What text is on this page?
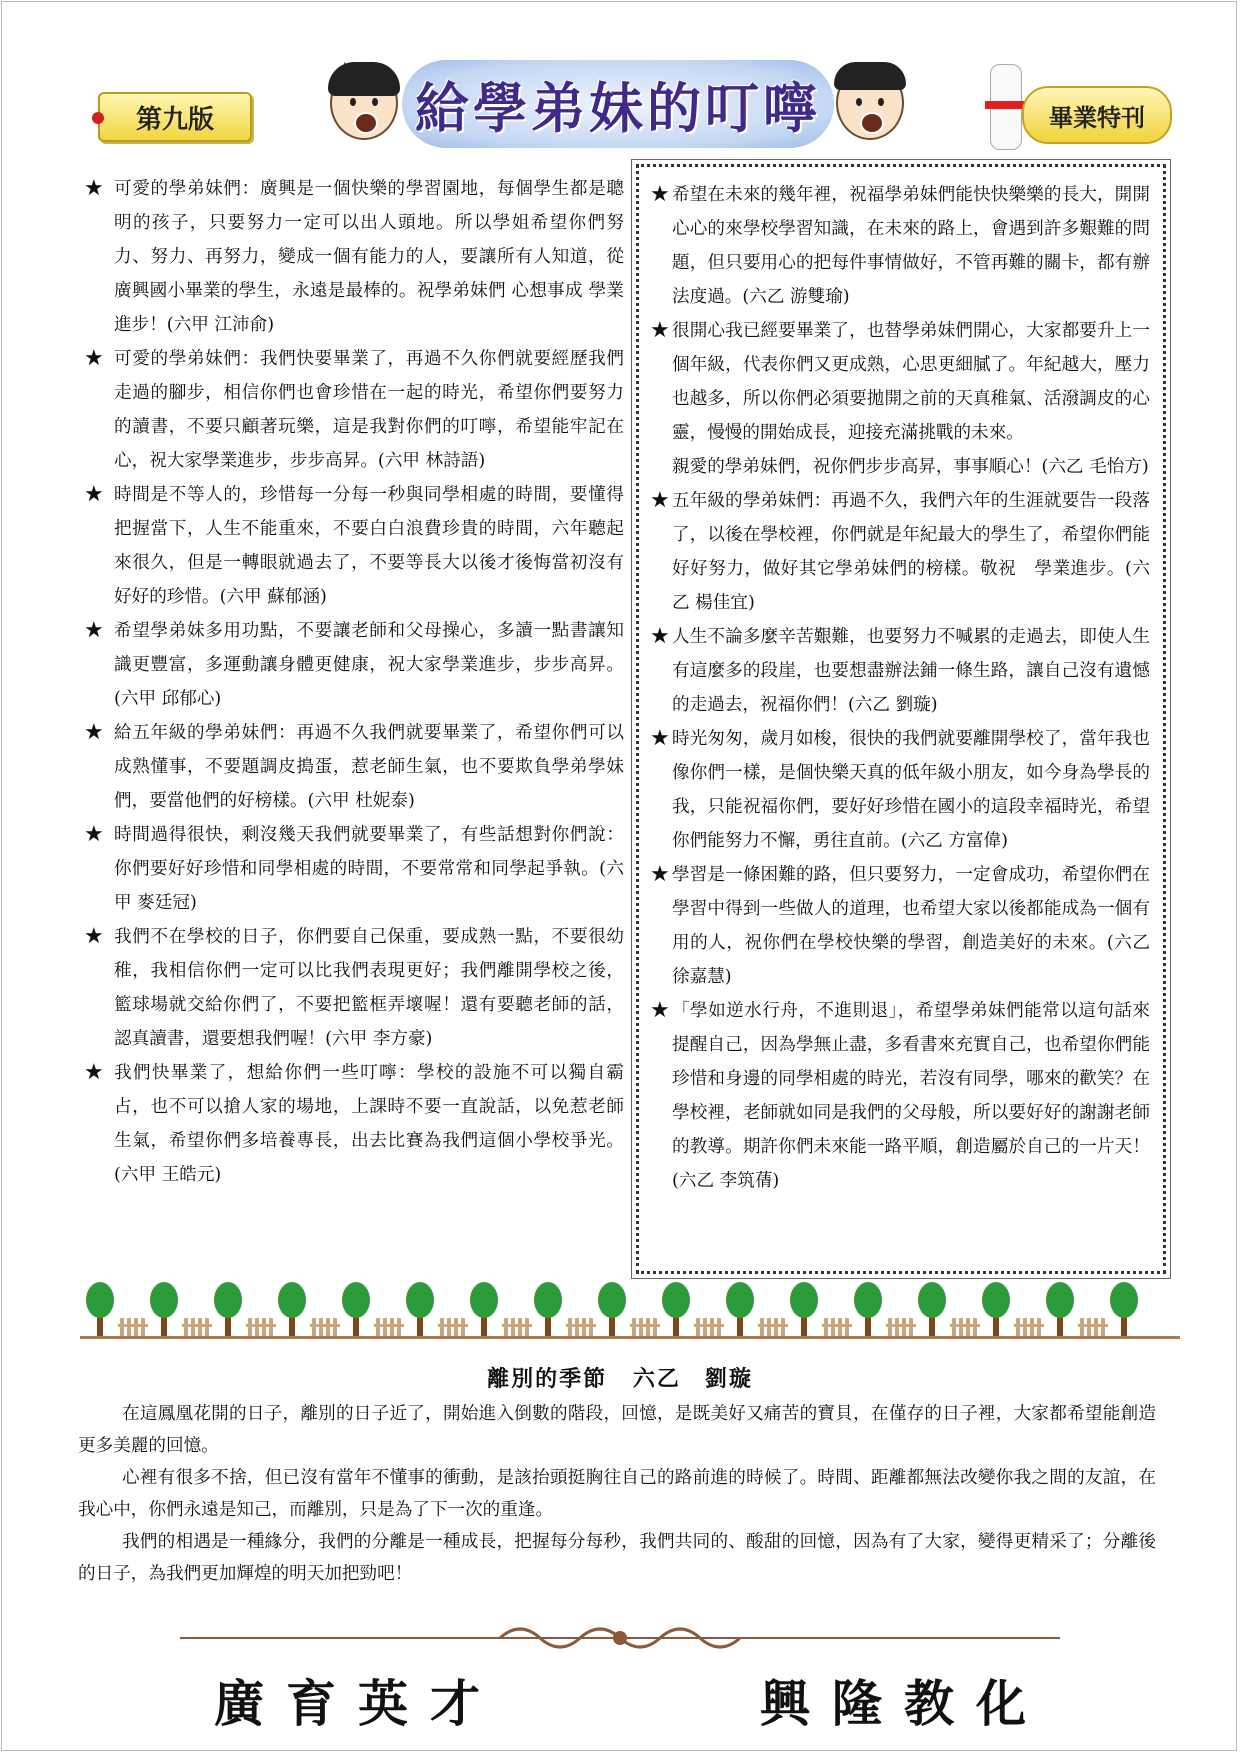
第九版	給學弟妹的叮嚀	畢業特刊
★ 可愛的學弟妹們：廣興是一個快樂的學習園地，每個學生都是聰明的孩子，只要努力一定可以出人頭地。所以學姐希望你們努力、努力、再努力，變成一個有能力的人，要讓所有人知道，從廣興國小畢業的學生，永遠是最棒的。祝學弟妹們 心想事成 學業進步！(六甲 江沛俞)
★ 可愛的學弟妹們：我們快要畢業了，再過不久你們就要經歷我們走過的腳步，相信你們也會珍惜在一起的時光，希望你們要努力的讀書，不要只顧著玩樂，這是我對你們的叮嚀，希望能牢記在心，祝大家學業進步，步步高昇。(六甲 林詩語)
★ 時間是不等人的，珍惜每一分每一秒與同學相處的時間，要懂得把握當下，人生不能重來，不要白白浪費珍貴的時間，六年聽起來很久，但是一轉眼就過去了，不要等長大以後才後悔當初沒有好好的珍惜。(六甲 蘇郁涵)
★ 希望學弟妹多用功點，不要讓老師和父母操心，多讀一點書讓知識更豐富，多運動讓身體更健康，祝大家學業進步，步步高昇。(六甲 邱郁心)
★ 給五年級的學弟妹們：再過不久我們就要畢業了，希望你們可以成熟懂事，不要題調皮搗蛋，惹老師生氣，也不要欺負學弟學妹們，要當他們的好榜樣。(六甲 杜妮泰)
★ 時間過得很快，剩沒幾天我們就要畢業了，有些話想對你們說：你們要好好珍惜和同學相處的時間，不要常常和同學起爭執。(六甲 麥廷冠)
★ 我們不在學校的日子，你們要自己保重，要成熟一點，不要很幼稚，我相信你們一定可以比我們表現更好；我們離開學校之後，籃球場就交給你們了，不要把籃框弄壞喔！還有要聽老師的話，認真讀書，還要想我們喔！(六甲 李方豪)
★ 我們快畢業了，想給你們一些叮嚀：學校的設施不可以獨自霸占，也不可以搶人家的場地，上課時不要一直說話，以免惹老師生氣，希望你們多培養專長，出去比賽為我們這個小學校爭光。(六甲 王皓元)
★ 希望在未來的幾年裡，祝福學弟妹們能快快樂樂的長大，開開心心的來學校學習知識，在未來的路上，會遇到許多艱難的問題，但只要用心的把每件事情做好，不管再難的關卡，都有辦法度過。(六乙 游雙瑜)
★ 很開心我已經要畢業了，也替學弟妹們開心，大家都要升上一個年級，代表你們又更成熟，心思更細膩了。年紀越大，壓力也越多，所以你們必須要拋開之前的天真稚氣、活潑調皮的心靈，慢慢的開始成長，迎接充滿挑戰的未來。
親愛的學弟妹們，祝你們步步高昇，事事順心！(六乙 毛怡方)
★ 五年級的學弟妹們：再過不久，我們六年的生涯就要告一段落了，以後在學校裡，你們就是年紀最大的學生了，希望你們能好好努力，做好其它學弟妹們的榜樣。敬祝　學業進步。(六乙 楊佳宜)
★ 人生不論多麼辛苦艱難，也要努力不喊累的走過去，即使人生有這麼多的段崖，也要想盡辦法鋪一條生路，讓自己沒有遺憾的走過去，祝福你們！(六乙 劉璇)
★ 時光匆匆，歲月如梭，很快的我們就要離開學校了，當年我也像你們一樣，是個快樂天真的低年級小朋友，如今身為學長的我，只能祝福你們，要好好珍惜在國小的這段幸福時光，希望你們能努力不懈，勇往直前。(六乙 方富偉)
★ 學習是一條困難的路，但只要努力，一定會成功，希望你們在學習中得到一些做人的道理，也希望大家以後都能成為一個有用的人，祝你們在學校快樂的學習，創造美好的未來。(六乙 徐嘉慧)
★ 「學如逆水行舟，不進則退」，希望學弟妹們能常以這句話來提醒自己，因為學無止盡，多看書來充實自己，也希望你們能珍惜和身邊的同學相處的時光，若沒有同學，哪來的歡笑？在學校裡，老師就如同是我們的父母般，所以要好好的謝謝老師的教導。期許你們未來能一路平順，創造屬於自己的一片天！(六乙 李筑蒨)
離別的季節 六乙　劉璇

在這鳳凰花開的日子，離別的日子近了，開始進入倒數的階段，回憶，是既美好又痛苦的寶貝，在僅存的日子裡，大家都希望能創造更多美麗的回憶。

心裡有很多不捨，但已沒有當年不懂事的衝動，是該抬頭挺胸往自己的路前進的時候了。時間、距離都無法改變你我之間的友誼，在我心中，你們永遠是知己，而離別，只是為了下一次的重逢。

我們的相遇是一種緣分，我們的分離是一種成長，把握每分每秒，我們共同的、酸甜的回憶，因為有了大家，變得更精采了；分離後的日子，為我們更加輝煌的明天加把勁吧！

廣育英才	興隆教化
